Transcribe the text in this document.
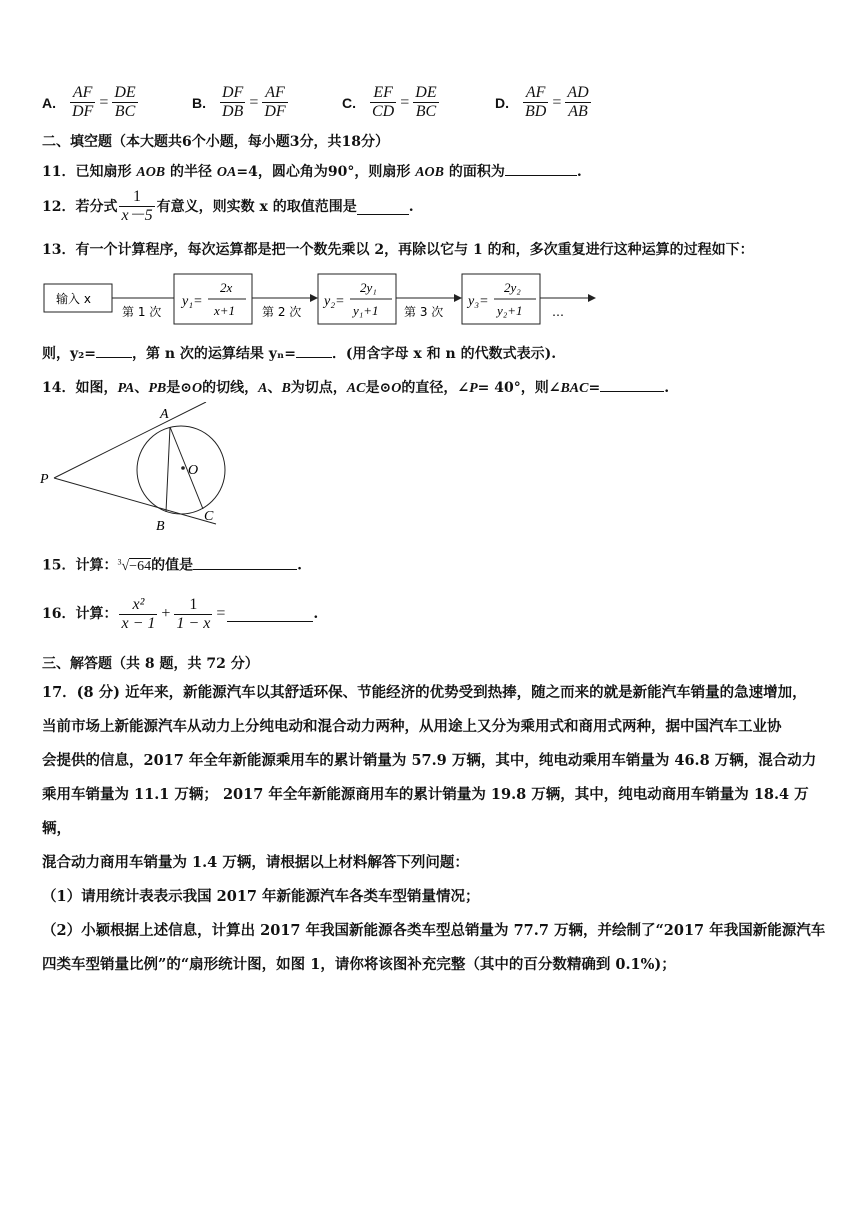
A. $\frac{AF}{DF} = \frac{DE}{BC}$	B. $\frac{DF}{DB} = \frac{AF}{DF}$	C. $\frac{EF}{CD} = \frac{DE}{BC}$	D. $\frac{AF}{BD} = \frac{AD}{AB}$
二、填空题（本大题共6个小题，每小题3分，共18分）
11．已知扇形 AOB 的半径 OA=4，圆心角为90°，则扇形 AOB 的面积为	.
12．若分式 $\frac{1}{x-5}$ 有意义，则实数 x 的取值范围是	.
13．有一个计算程序，每次运算都是把一个数先乘以 2，再除以它与 1 的和，多次重复进行这种运算的过程如下：
输入 x
第 1 次
y₁=
2x
x+1 第 2 次
y₂=
2y₁
y₁+1 第 3 次
y₃=
2y₂
y₂+1 …
则，y₂=	，第 n 次的运算结果 yₙ=	．(用含字母 x 和 n 的代数式表示).
14．如图，PA、PB是⊙O的切线，A、B为切点，AC是⊙O的直径，∠P= 40°，则∠BAC=	.
A
O
P
B
C
15．计算：$^3$√−64的值是	.
16．计算： $\frac{\text{x²}}{x - 1} + \frac{1}{1 - x}$ =	.
三、解答题（共 8 题，共 72 分）
17．(8 分) 近年来，新能源汽车以其舒适环保、节能经济的优势受到热捧，随之而来的就是新能汽车销量的急速增加，
当前市场上新能源汽车从动力上分纯电动和混合动力两种，从用途上又分为乘用式和商用式两种，据中国汽车工业协
会提供的信息，2017 年全年新能源乘用车的累计销量为 57.9 万辆，其中，纯电动乘用车销量为 46.8 万辆，混合动力
乘用车销量为 11.1 万辆； 2017 年全年新能源商用车的累计销量为 19.8 万辆，其中，纯电动商用车销量为 18.4 万辆，
混合动力商用车销量为 1.4 万辆，请根据以上材料解答下列问题：
（1）请用统计表表示我国 2017 年新能源汽车各类车型销量情况；
（2）小颖根据上述信息，计算出 2017 年我国新能源各类车型总销量为 77.7 万辆，并绘制了“2017 年我国新能源汽车
四类车型销量比例”的“扇形统计图，如图 1，请你将该图补充完整（其中的百分数精确到 0.1%)；
